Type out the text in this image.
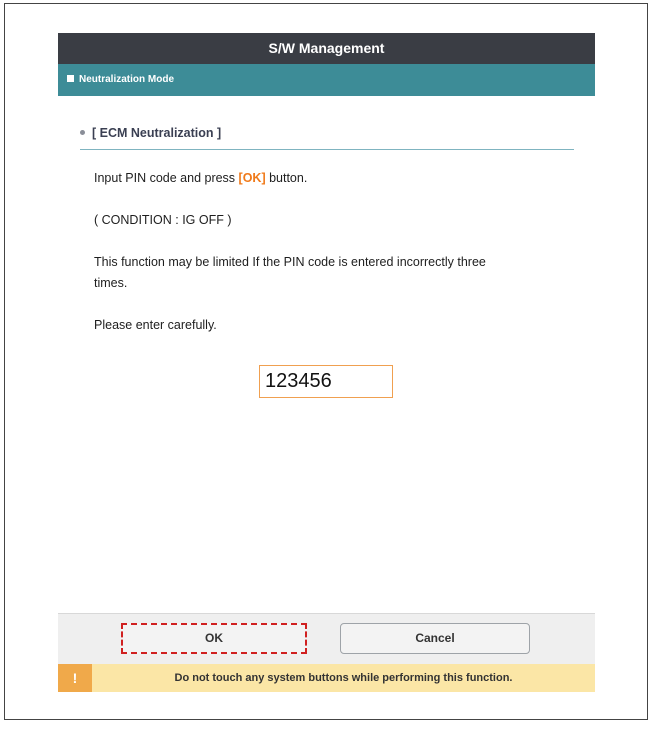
S/W Management
Neutralization Mode
[ ECM Neutralization ]
Input PIN code and press [OK] button.
( CONDITION : IG OFF )
This function may be limited If the PIN code is entered incorrectly three
times.
Please enter carefully.
123456
OK	Cancel
!	Do not touch any system buttons while performing this function.
